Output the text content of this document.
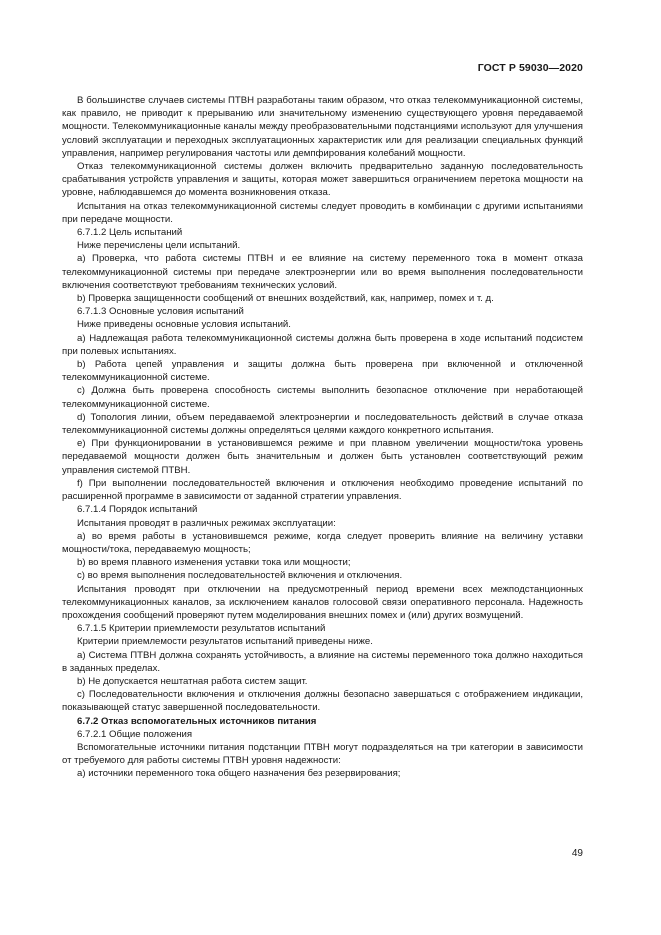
ГОСТ Р 59030—2020

В большинстве случаев системы ПТВН разработаны таким образом, что отказ телекоммуникационной системы, как правило, не приводит к прерыванию или значительному изменению существующего уровня передаваемой мощности. Телекоммуникационные каналы между преобразовательными подстанциями используют для улучшения условий эксплуатации и переходных эксплуатационных характеристик или для реализации специальных функций управления, например регулирования частоты или демпфирования колебаний мощности.

Отказ телекоммуникационной системы должен включить предварительно заданную последовательность срабатывания устройств управления и защиты, которая может завершиться ограничением перетока мощности на уровне, наблюдавшемся до момента возникновения отказа.

Испытания на отказ телекоммуникационной системы следует проводить в комбинации с другими испытаниями при передаче мощности.

6.7.1.2 Цель испытаний

Ниже перечислены цели испытаний.

а) Проверка, что работа системы ПТВН и ее влияние на систему переменного тока в момент отказа телекоммуникационной системы при передаче электроэнергии или во время выполнения последовательности включения соответствуют требованиям технических условий.

b) Проверка защищенности сообщений от внешних воздействий, как, например, помех и т. д.

6.7.1.3 Основные условия испытаний

Ниже приведены основные условия испытаний.

а) Надлежащая работа телекоммуникационной системы должна быть проверена в ходе испытаний подсистем при полевых испытаниях.

b) Работа цепей управления и защиты должна быть проверена при включенной и отключенной телекоммуникационной системе.

c) Должна быть проверена способность системы выполнить безопасное отключение при неработающей телекоммуникационной системе.

d) Топология линии, объем передаваемой электроэнергии и последовательность действий в случае отказа телекоммуникационной системы должны определяться целями каждого конкретного испытания.

e) При функционировании в установившемся режиме и при плавном увеличении мощности/тока уровень передаваемой мощности должен быть значительным и должен быть установлен соответствующий режим управления системой ПТВН.

f) При выполнении последовательностей включения и отключения необходимо проведение испытаний по расширенной программе в зависимости от заданной стратегии управления.

6.7.1.4 Порядок испытаний

Испытания проводят в различных режимах эксплуатации:

а) во время работы в установившемся режиме, когда следует проверить влияние на величину уставки мощности/тока, передаваемую мощность;

b) во время плавного изменения уставки тока или мощности;

c) во время выполнения последовательностей включения и отключения.

Испытания проводят при отключении на предусмотренный период времени всех межподстанционных телекоммуникационных каналов, за исключением каналов голосовой связи оперативного персонала. Надежность прохождения сообщений проверяют путем моделирования внешних помех и (или) других возмущений.

6.7.1.5 Критерии приемлемости результатов испытаний

Критерии приемлемости результатов испытаний приведены ниже.

а) Система ПТВН должна сохранять устойчивость, а влияние на системы переменного тока должно находиться в заданных пределах.

b) Не допускается нештатная работа систем защит.

c) Последовательности включения и отключения должны безопасно завершаться с отображением индикации, показывающей статус завершенной последовательности.

6.7.2 Отказ вспомогательных источников питания

6.7.2.1 Общие положения

Вспомогательные источники питания подстанции ПТВН могут подразделяться на три категории в зависимости от требуемого для работы системы ПТВН уровня надежности:

а) источники переменного тока общего назначения без резервирования;

49
